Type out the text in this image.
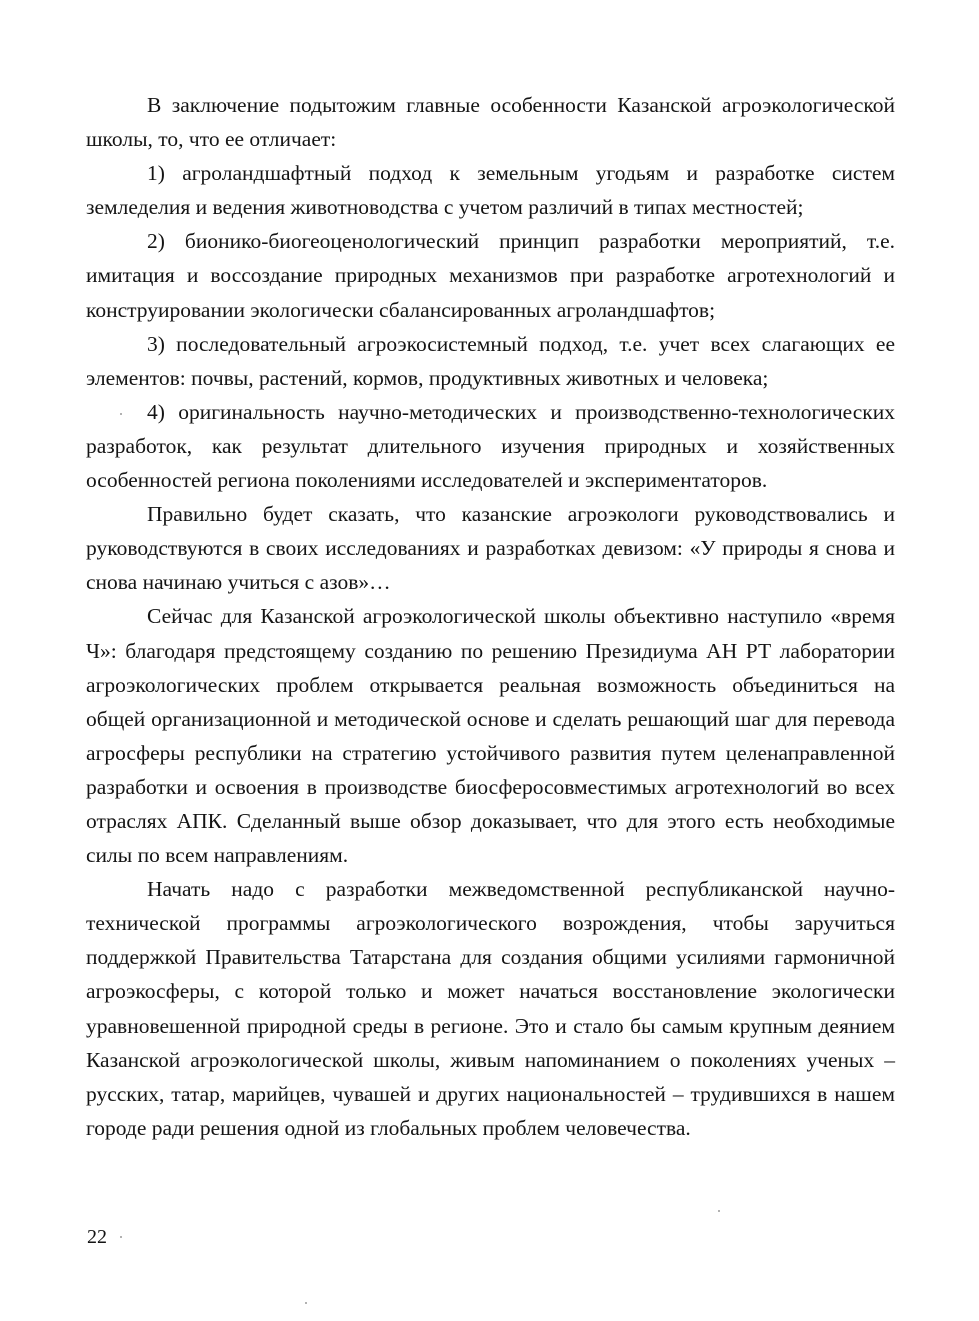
В заключение подытожим главные особенности Казанской агроэкологической школы, то, что ее отличает:

1) агроландшафтный подход к земельным угодьям и разработке систем земледелия и ведения животноводства с учетом различий в типах местностей;

2) бионико-биогеоценологический принцип разработки мероприятий, т.е. имитация и воссоздание природных механизмов при разработке агротехнологий и конструировании экологически сбалансированных агроландшафтов;

3) последовательный агроэкосистемный подход, т.е. учет всех слагающих ее элементов: почвы, растений, кормов, продуктивных животных и человека;

4) оригинальность научно-методических и производственно-технологических разработок, как результат длительного изучения природных и хозяйственных особенностей региона поколениями исследователей и экспериментаторов.

Правильно будет сказать, что казанские агроэкологи руководствовались и руководствуются в своих исследованиях и разработках девизом: «У природы я снова и снова начинаю учиться с азов»…

Сейчас для Казанской агроэкологической школы объективно наступило «время Ч»: благодаря предстоящему созданию по решению Президиума АН РТ лаборатории агроэкологических проблем открывается реальная возможность объединиться на общей организационной и методической основе и сделать решающий шаг для перевода агросферы республики на стратегию устойчивого развития путем целенаправленной разработки и освоения в производстве биосферосовместимых агротехнологий во всех отраслях АПК. Сделанный выше обзор доказывает, что для этого есть необходимые силы по всем направлениям.

Начать надо с разработки межведомственной республиканской научно-технической программы агроэкологического возрождения, чтобы заручиться поддержкой Правительства Татарстана для создания общими усилиями гармоничной агроэкосферы, с которой только и может начаться восстановление экологически уравновешенной природной среды в регионе. Это и стало бы самым крупным деянием Казанской агроэкологической школы, живым напоминанием о поколениях ученых – русских, татар, марийцев, чувашей и других национальностей – трудившихся в нашем городе ради решения одной из глобальных проблем человечества.

22
